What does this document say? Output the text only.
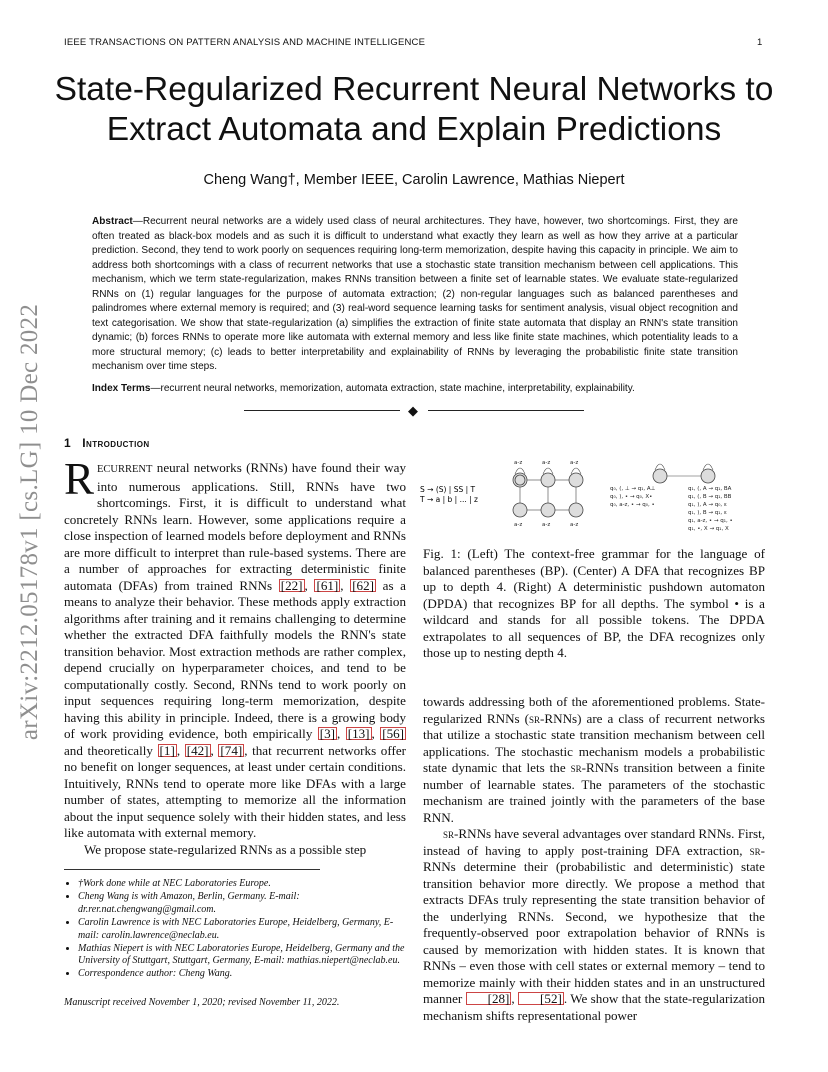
IEEE TRANSACTIONS ON PATTERN ANALYSIS AND MACHINE INTELLIGENCE	1
arXiv:2212.05178v1 [cs.LG] 10 Dec 2022
State-Regularized Recurrent Neural Networks to Extract Automata and Explain Predictions
Cheng Wang†, Member IEEE, Carolin Lawrence, Mathias Niepert
Abstract—Recurrent neural networks are a widely used class of neural architectures. They have, however, two shortcomings. First, they are often treated as black-box models and as such it is difficult to understand what exactly they learn as well as how they arrive at a particular prediction. Second, they tend to work poorly on sequences requiring long-term memorization, despite having this capacity in principle. We aim to address both shortcomings with a class of recurrent networks that use a stochastic state transition mechanism between cell applications. This mechanism, which we term state-regularization, makes RNNs transition between a finite set of learnable states. We evaluate state-regularized RNNs on (1) regular languages for the purpose of automata extraction; (2) non-regular languages such as balanced parentheses and palindromes where external memory is required; and (3) real-word sequence learning tasks for sentiment analysis, visual object recognition and text categorisation. We show that state-regularization (a) simplifies the extraction of finite state automata that display an RNN's state transition dynamic; (b) forces RNNs to operate more like automata with external memory and less like finite state machines, which potentiality leads to a more structural memory; (c) leads to better interpretability and explainability of RNNs by leveraging the probabilistic finite state transition mechanism over time steps.
Index Terms—recurrent neural networks, memorization, automata extraction, state machine, interpretability, explainability.
◆
1 Introduction
RECURRENT neural networks (RNNs) have found their way into numerous applications. Still, RNNs have two shortcomings. First, it is difficult to understand what concretely RNNs learn. However, some applications require a close inspection of learned models before deployment and RNNs are more difficult to interpret than rule-based systems. There are a number of approaches for extracting deterministic finite automata (DFAs) from trained RNNs [22] , [61] , [62] as a means to analyze their behavior. These methods apply extraction algorithms after training and it remains challenging to determine whether the extracted DFA faithfully models the RNN's state transition behavior. Most extraction methods are rather complex, depend crucially on hyperparameter choices, and tend to be computationally costly. Second, RNNs tend to work poorly on input sequences requiring long-term memorization, despite having this ability in principle. Indeed, there is a growing body of work providing evidence, both empirically [3] , [13] , [56] and theoretically [1] , [42] , [74] , that recurrent networks offer no benefit on longer sequences, at least under certain conditions. Intuitively, RNNs tend to operate more like DFAs with a large number of states, attempting to memorize all the information about the input sequence solely with their hidden states, and less like automata with external memory.
We propose state-regularized RNNs as a possible step
• †Work done while at NEC Laboratories Europe.
• Cheng Wang is with Amazon, Berlin, Germany. E-mail: dr.rer.nat.chengwang@gmail.com.
• Carolin Lawrence is with NEC Laboratories Europe, Heidelberg, Germany, E-mail: carolin.lawrence@neclab.eu.
• Mathias Niepert is with NEC Laboratories Europe, Heidelberg, Germany and the University of Stuttgart, Stuttgart, Germany, E-mail: mathias.niepert@neclab.eu.
• Correspondence author: Cheng Wang.
Manuscript received November 1, 2020; revised November 11, 2022.
S → (S) | SS | T
T → a | b | ... | z
a-z	a-z	a-z
a-z	a-z	a-z
q₀, (, ⊥ → q₁, A⊥
q₀, ), • → q₀, X•
q₀, a-z, • → q₀, •
q₁, (, A → q₁, BA
q₁, (, B → q₁, BB
q₁, ), A → q₀, ε
q₁, ), B → q₁, ε
q₁, a-z, • → q₁, •
q₁, •, X → q₁, X
Fig. 1: (Left) The context-free grammar for the language of balanced parentheses (BP). (Center) A DFA that recognizes BP up to depth 4. (Right) A deterministic pushdown automaton (DPDA) that recognizes BP for all depths. The symbol • is a wildcard and stands for all possible tokens. The DPDA extrapolates to all sequences of BP, the DFA recognizes only those up to nesting depth 4.
towards addressing both of the aforementioned problems. State-regularized RNNs (sr-RNNs) are a class of recurrent networks that utilize a stochastic state transition mechanism between cell applications. The stochastic mechanism models a probabilistic state dynamic that lets the sr-RNNs transition between a finite number of learnable states. The parameters of the stochastic mechanism are trained jointly with the parameters of the base RNN.
sr-RNNs have several advantages over standard RNNs. First, instead of having to apply post-training DFA extraction, sr-RNNs determine their (probabilistic and deterministic) state transition behavior more directly. We propose a method that extracts DFAs truly representing the state transition behavior of the underlying RNNs. Second, we hypothesize that the frequently-observed poor extrapolation behavior of RNNs is caused by memorization with hidden states. It is known that RNNs – even those with cell states or external memory – tend to memorize mainly with their hidden states and in an unstructured manner [28] , [52] . We show that the state-regularization mechanism shifts representational power
